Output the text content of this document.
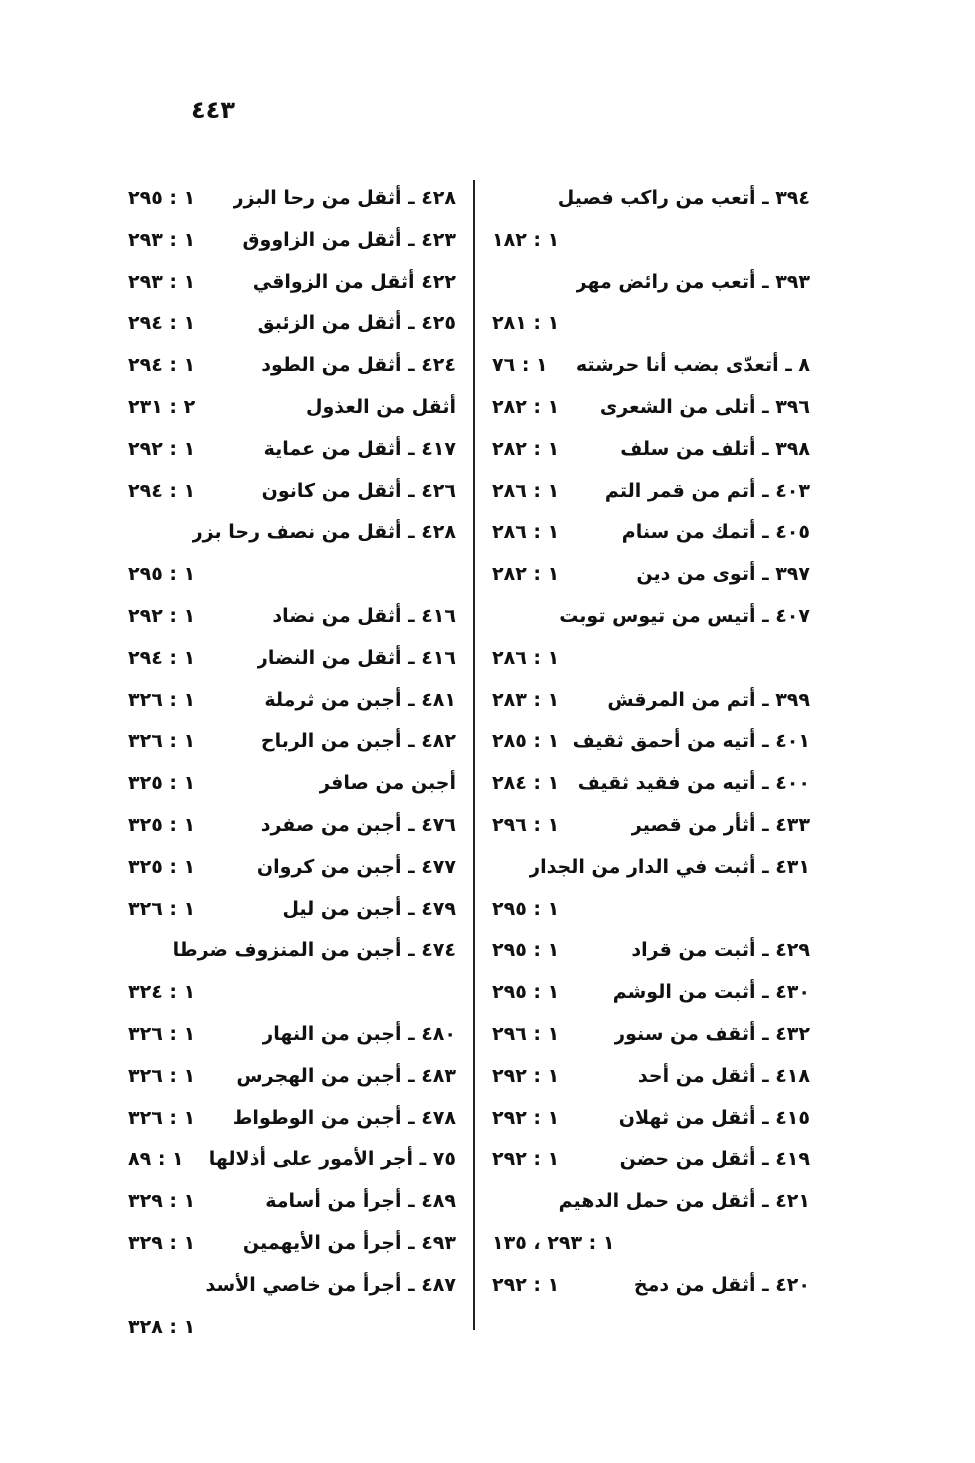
٤٤٣
٣٩٤ ـ أتعب من راكب فصيل
١ : ١٨٢
٣٩٣ ـ أتعب من رائض مهر
١ : ٢٨١
٨ ـ أتعدّى بضب أنا حرشته
١ : ٧٦
٣٩٦ ـ أتلى من الشعرى
١ : ٢٨٢
٣٩٨ ـ أتلف من سلف
١ : ٢٨٢
٤٠٣ ـ أتم من قمر التم
١ : ٢٨٦
٤٠٥ ـ أتمك من سنام
١ : ٢٨٦
٣٩٧ ـ أتوى من دين
١ : ٢٨٢
٤٠٧ ـ أتيس من تيوس توبت
١ : ٢٨٦
٣٩٩ ـ أتم من المرقش
١ : ٢٨٣
٤٠١ ـ أتيه من أحمق ثقيف
١ : ٢٨٥
٤٠٠ ـ أتيه من فقيد ثقيف
١ : ٢٨٤
٤٣٣ ـ أثأر من قصير
١ : ٢٩٦
٤٣١ ـ أثبت في الدار من الجدار
١ : ٢٩٥
٤٢٩ ـ أثبت من قراد
١ : ٢٩٥
٤٣٠ ـ أثبت من الوشم
١ : ٢٩٥
٤٣٢ ـ أثقف من سنور
١ : ٢٩٦
٤١٨ ـ أثقل من أحد
١ : ٢٩٢
٤١٥ ـ أثقل من ثهلان
١ : ٢٩٢
٤١٩ ـ أثقل من حضن
١ : ٢٩٢
٤٢١ ـ أثقل من حمل الدهيم
١ : ٢٩٣ ، ١٣٥
٤٢٠ ـ أثقل من دمخ
١ : ٢٩٢
٤٢٨ ـ أثقل من رحا البزر
١ : ٢٩٥
٤٢٣ ـ أثقل من الزاووق
١ : ٢٩٣
٤٢٢ أثقل من الزواقي
١ : ٢٩٣
٤٢٥ ـ أثقل من الزئبق
١ : ٢٩٤
٤٢٤ ـ أثقل من الطود
١ : ٢٩٤
أثقل من العذول
٢ : ٢٣١
٤١٧ ـ أثقل من عماية
١ : ٢٩٢
٤٢٦ ـ أثقل من كانون
١ : ٢٩٤
٤٢٨ ـ أثقل من نصف رحا بزر
١ : ٢٩٥
٤١٦ ـ أثقل من نضاد
١ : ٢٩٢
٤١٦ ـ أثقل من النضار
١ : ٢٩٤
٤٨١ ـ أجبن من ثرملة
١ : ٣٢٦
٤٨٢ ـ أجبن من الرباح
١ : ٣٢٦
أجبن من صافر
١ : ٣٢٥
٤٧٦ ـ أجبن من صفرد
١ : ٣٢٥
٤٧٧ ـ أجبن من كروان
١ : ٣٢٥
٤٧٩ ـ أجبن من ليل
١ : ٣٢٦
٤٧٤ ـ أجبن من المنزوف ضرطا
١ : ٣٢٤
٤٨٠ ـ أجبن من النهار
١ : ٣٢٦
٤٨٣ ـ أجبن من الهجرس
١ : ٣٢٦
٤٧٨ ـ أجبن من الوطواط
١ : ٣٢٦
٧٥ ـ أجر الأمور على أذلالها
١ : ٨٩
٤٨٩ ـ أجرأ من أسامة
١ : ٣٢٩
٤٩٣ ـ أجرأ من الأيهمين
١ : ٣٢٩
٤٨٧ ـ أجرأ من خاصي الأسد
١ : ٣٢٨
